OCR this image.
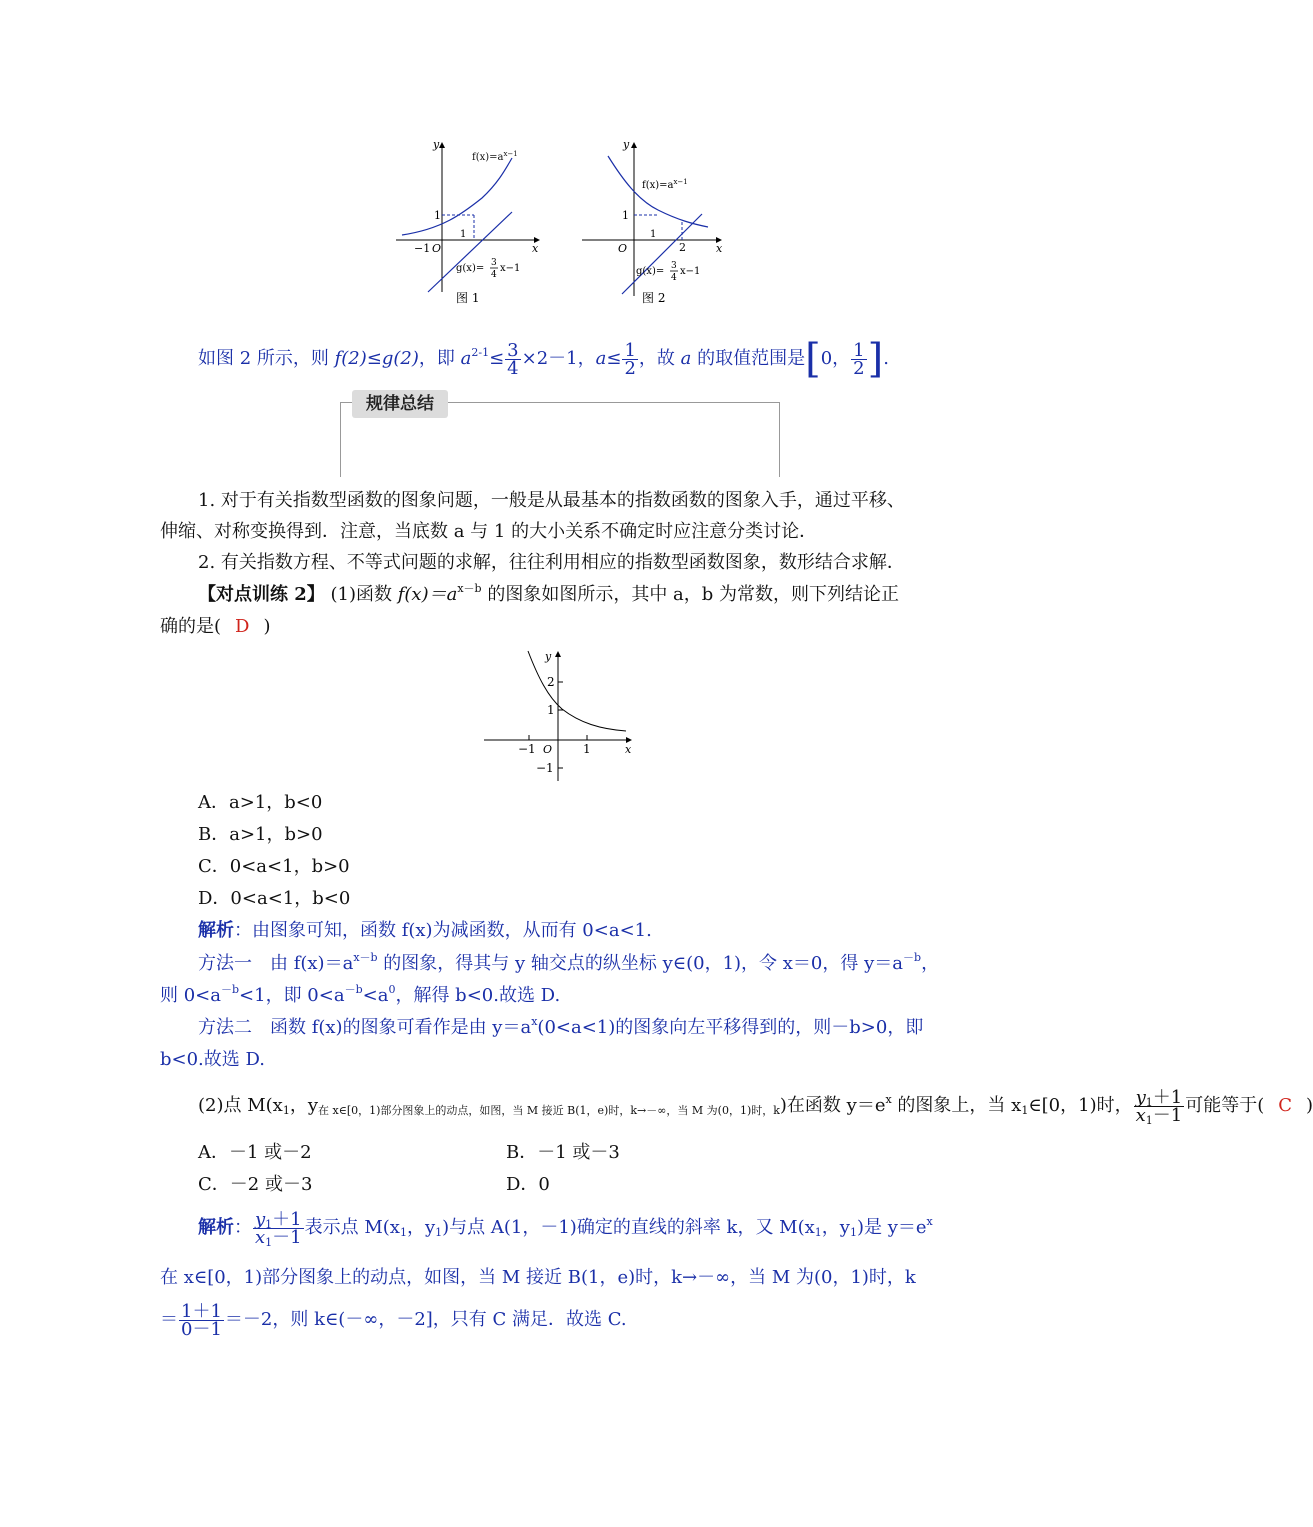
y
x
O
−1
1
1
$f(x)=a^{x-1}$
g(x)= 3
4
x−1
图 1
y
x
O
1
1
2
$f(x)=a^{x-1}$
g(x)= 3
4
x−1
图 2
如图 2 所示，则 f(2)≤g(2)，即 $a^{2-1}\le \frac{3}{4} \times 2-1$，$a\le \frac{1}{2}$ ，故 a 的取值范围是[0， $\frac{1}{2}$ ].
规律总结
1. 对于有关指数型函数的图象问题，一般是从最基本的指数函数的图象入手，通过平移、
伸缩、对称变换得到．注意，当底数 a 与 1 的大小关系不确定时应注意分类讨论．
2. 有关指数方程、不等式问题的求解，往往利用相应的指数型函数图象，数形结合求解．
【对点训练 2】 (1)函数 $f(x)=a^{x-b}$ 的图象如图所示，其中 a，b 为常数，则下列结论正
确的是( D )
y
x
O
2
1
−1	1
−1
A．a>1，b<0
B．a>1，b>0
C．0<a<1，b>0
D．0<a<1，b<0
解析：由图象可知，函数 f(x)为减函数，从而有 0<a<1.
方法一　由 $f(x)=a^{x-b}$ 的图象，得其与 y 轴交点的纵坐标 y∈(0，1)，令 x＝0，得 $y=a^{-b}$，
则 $0<a^{-b}<1$，即 $0<a^{-b}<a^0$，解得 b<0.故选 D.
方法二　函数 f(x)的图象可看作是由 $y=a^x(0<a<1)$的图象向左平移得到的，则－b>0，即
b<0.故选 D.
(2)点 $M(x_1$，$y_{在 x\in[0,1)部分图象上的动点,如图,当 M 接近 B(1,e)时,k\to-\infty,当 M 为(0,1)时,k}$)在函数 $y=e^x$ 的图象上，当 $x_1\in[0$，1)时， $\frac{y_1+1}{x_1-1}$ 可能等于( C )
A．－1 或－2	B．－1 或－3
C．－2 或－3	D．0
解析： $\frac{y_1+1}{x_1-1}$ 表示点 $M(x_1$，$y_1$)与点 A(1，－1)确定的直线的斜率 k，又 $M(x_1$，$y_1$)是 $y=e^x$
在 x∈[0，1)部分图象上的动点，如图，当 M 接近 B(1，e)时，k→－∞，当 M 为(0，1)时，k
＝ $\frac{1+1}{0-1} =-2$，则 k∈(－∞，－2]，只有 C 满足．故选 C.
